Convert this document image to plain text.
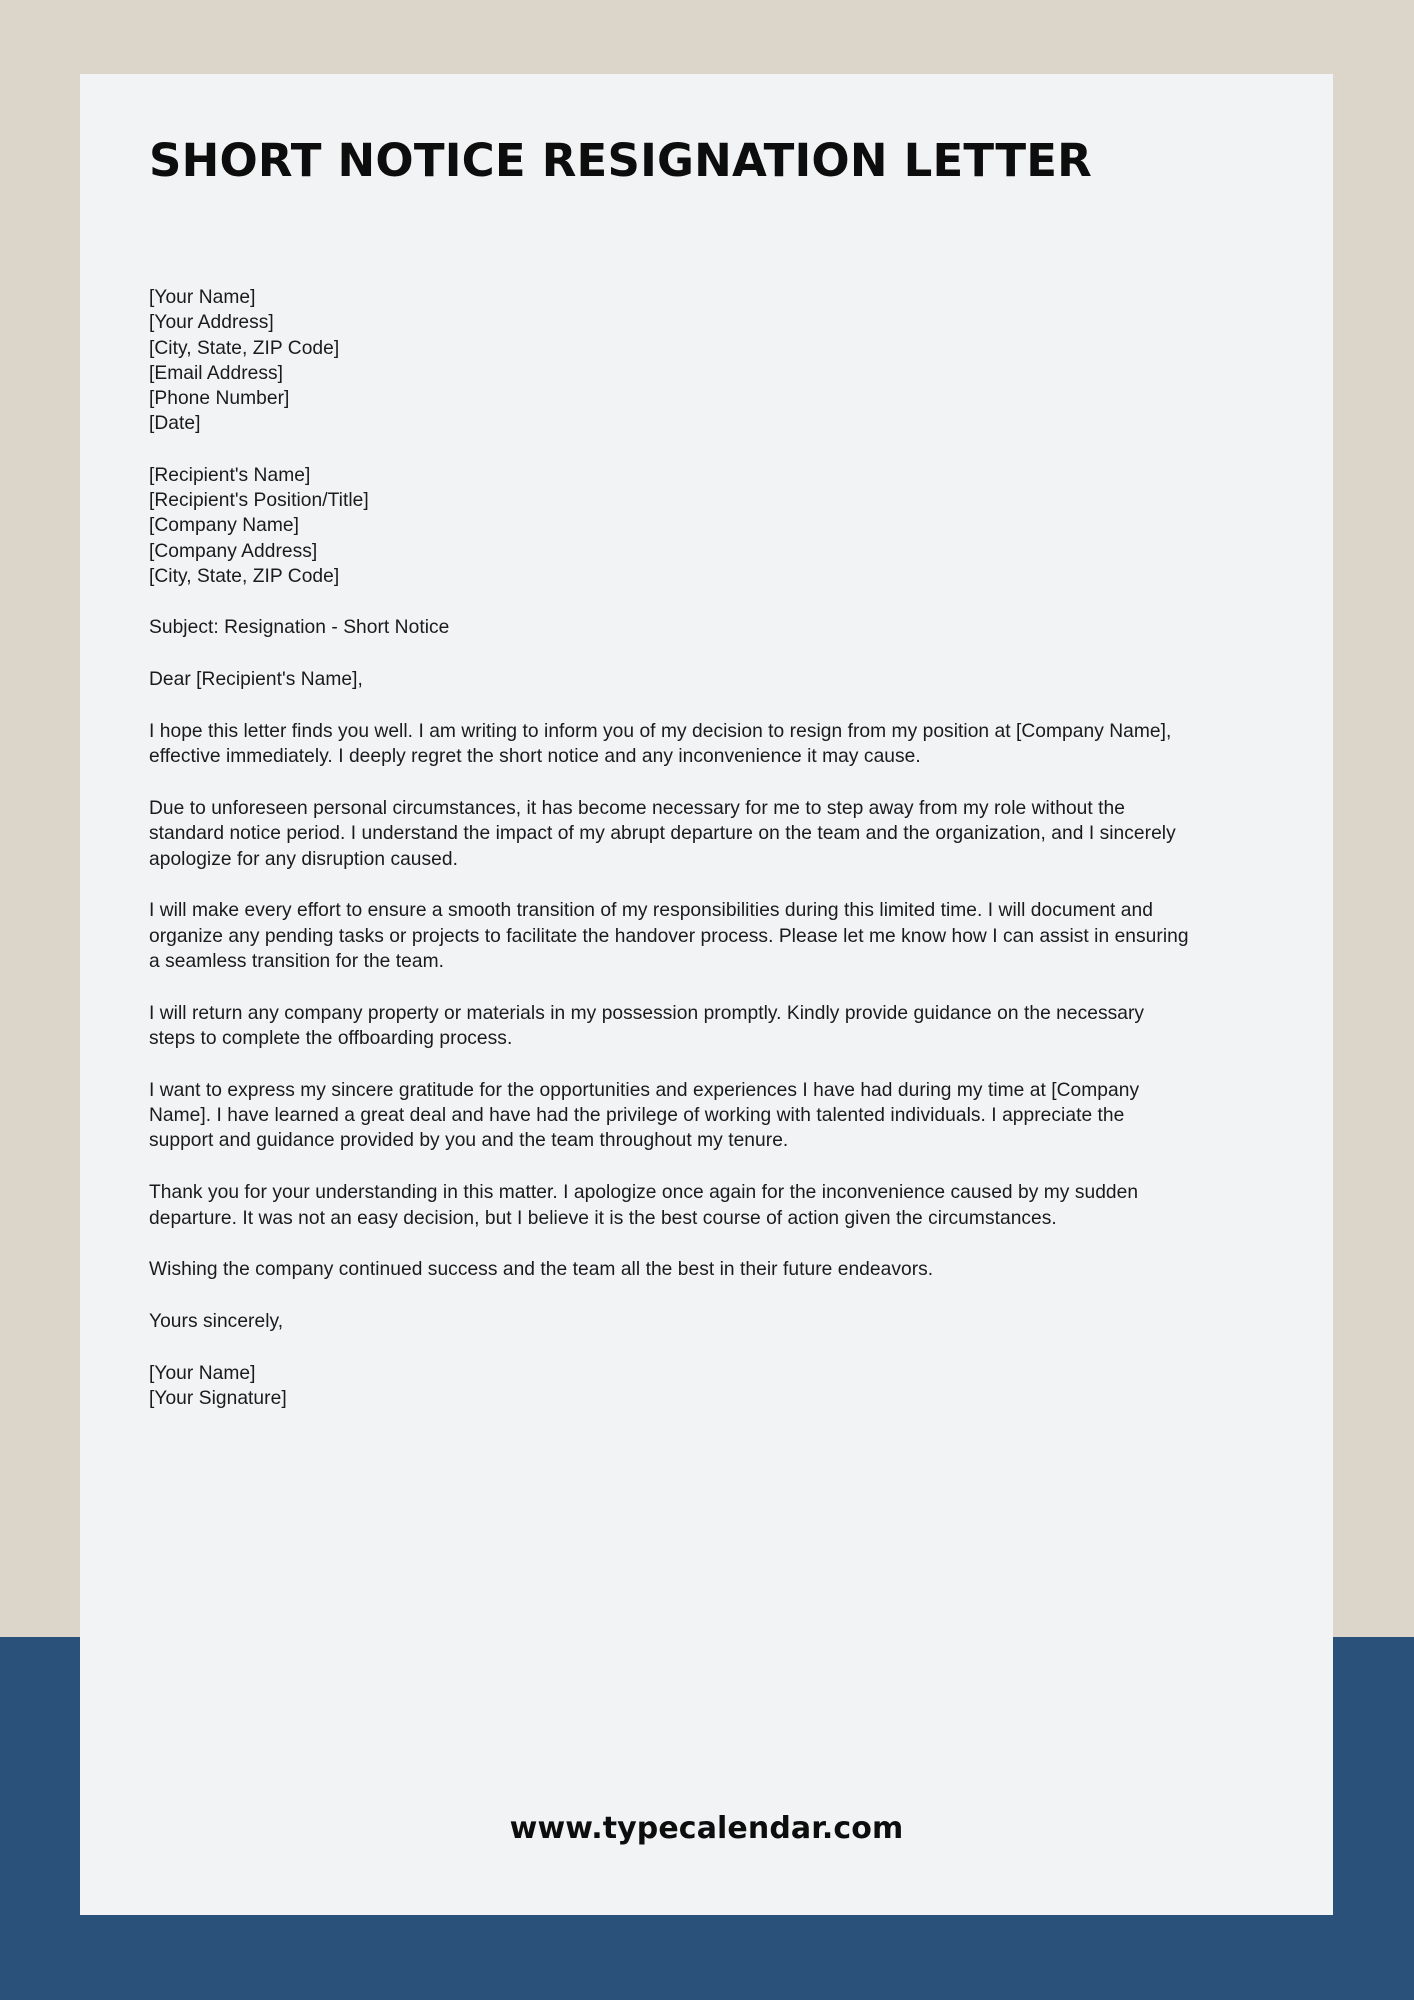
SHORT NOTICE RESIGNATION LETTER
[Your Name]
[Your Address]
[City, State, ZIP Code]
[Email Address]
[Phone Number]
[Date]
[Recipient's Name]
[Recipient's Position/Title]
[Company Name]
[Company Address]
[City, State, ZIP Code]

Subject: Resignation - Short Notice

Dear [Recipient's Name],

I hope this letter finds you well. I am writing to inform you of my decision to resign from my position at [Company Name], effective immediately. I deeply regret the short notice and any inconvenience it may cause.

Due to unforeseen personal circumstances, it has become necessary for me to step away from my role without the standard notice period. I understand the impact of my abrupt departure on the team and the organization, and I sincerely apologize for any disruption caused.

I will make every effort to ensure a smooth transition of my responsibilities during this limited time. I will document and organize any pending tasks or projects to facilitate the handover process. Please let me know how I can assist in ensuring a seamless transition for the team.

I will return any company property or materials in my possession promptly. Kindly provide guidance on the necessary steps to complete the offboarding process.

I want to express my sincere gratitude for the opportunities and experiences I have had during my time at [Company Name]. I have learned a great deal and have had the privilege of working with talented individuals. I appreciate the support and guidance provided by you and the team throughout my tenure.

Thank you for your understanding in this matter. I apologize once again for the inconvenience caused by my sudden departure. It was not an easy decision, but I believe it is the best course of action given the circumstances.

Wishing the company continued success and the team all the best in their future endeavors.

Yours sincerely,

[Your Name]
[Your Signature]
www.typecalendar.com
